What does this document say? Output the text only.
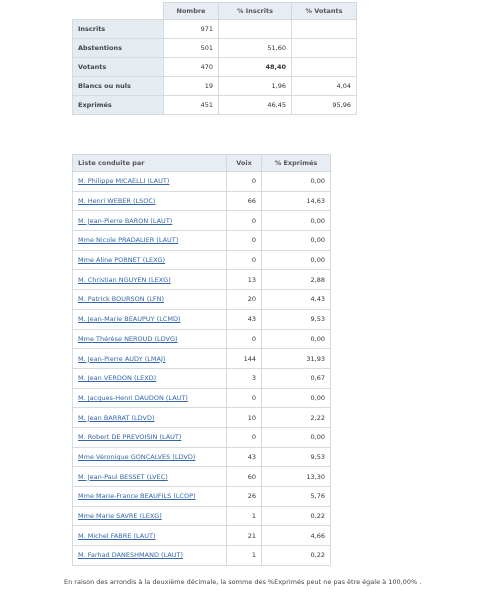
	Nombre	% Inscrits	% Votants
Inscrits	971		
Abstentions	501	51,60	
Votants	470	48,40	
Blancs ou nuls	19	1,96	4,04
Exprimés	451	46,45	95,96
Liste conduite par	Voix	% Exprimés
M. Philippe MICAELLI (LAUT)	0	0,00
M. Henri WEBER (LSOC)	66	14,63
M. Jean-Pierre BARON (LAUT)	0	0,00
Mme Nicole PRADALIER (LAUT)	0	0,00
Mme Aline PORNET (LEXG)	0	0,00
M. Christian NGUYEN (LEXG)	13	2,88
M. Patrick BOURSON (LFN)	20	4,43
M. Jean-Marie BEAUPUY (LCMD)	43	9,53
Mme Thérèse NEROUD (LDVG)	0	0,00
M. Jean-Pierre AUDY (LMAJ)	144	31,93
M. Jean VERDON (LEXD)	3	0,67
M. Jacques-Henri DAUDON (LAUT)	0	0,00
M. Jean BARRAT (LDVD)	10	2,22
M. Robert DE PREVOISIN (LAUT)	0	0,00
Mme Véronique GONCALVES (LDVD)	43	9,53
M. Jean-Paul BESSET (LVEC)	60	13,30
Mme Marie-France BEAUFILS (LCOP)	26	5,76
Mme Marie SAVRE (LEXG)	1	0,22
M. Michel FABRE (LAUT)	21	4,66
M. Farhad DANESHMAND (LAUT)	1	0,22
En raison des arrondis à la deuxième décimale, la somme des %Exprimés peut ne pas être égale à 100,00% .
